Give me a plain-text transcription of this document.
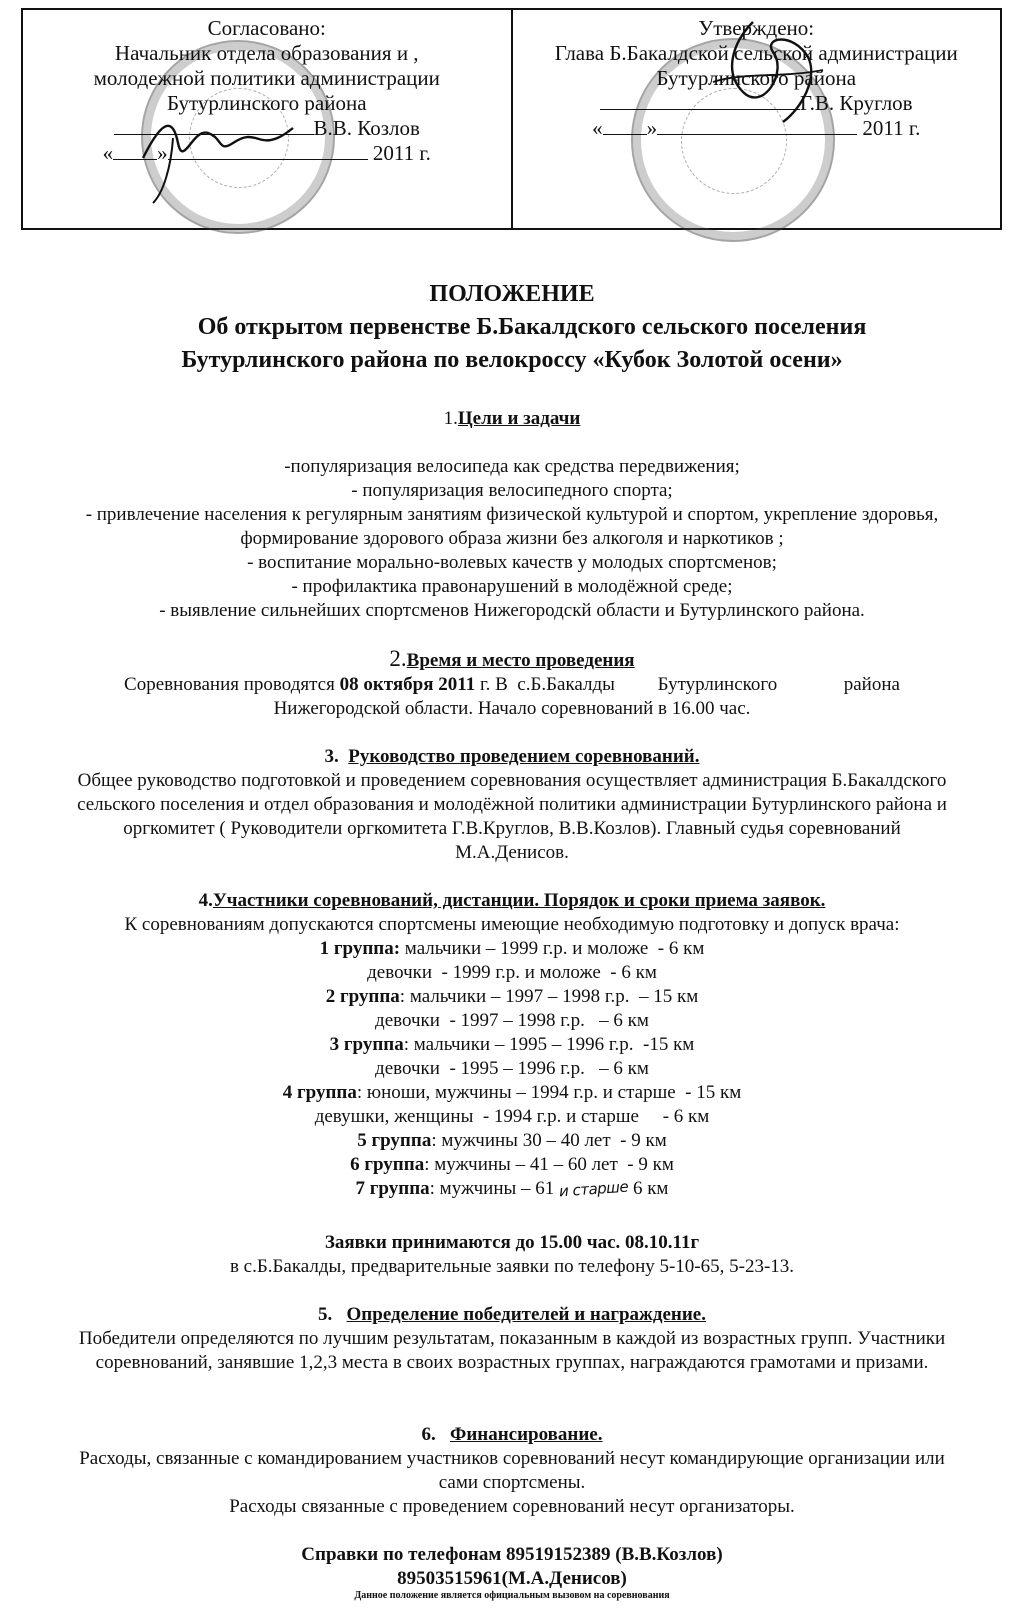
Согласовано:
Начальник отдела образования и ,
молодежной политики администрации
Бутурлинского района
В.В. Козлов
« »	2011 г.
Утверждено:
Глава Б.Бакалдской сельской администрации
Бутурлинского района
Г.В. Круглов
« »	2011 г.
ПОЛОЖЕНИЕ
Об открытом первенстве Б.Бакалдского сельского поселения
Бутурлинского района по велокроссу «Кубок Золотой осени»
1.Цели и задачи
-популяризация велосипеда как средства передвижения;
- популяризация велосипедного спорта;
- привлечение населения к регулярным занятиям физической культурой и спортом, укрепление здоровья,
формирование здорового образа жизни без алкоголя и наркотиков ;
- воспитание морально-волевых качеств у молодых спортсменов;
- профилактика правонарушений в молодёжной среде;
- выявление сильнейших спортсменов Нижегородскй области и Бутурлинского района.
2.Время и место проведения
Соревнования проводятся 08 октября 2011 г. В  с.Б.Бакалды         Бутурлинского              района
Нижегородской области. Начало соревнований в 16.00 час.
3.  Руководство проведением соревнований.
Общее руководство подготовкой и проведением соревнования осуществляет администрация Б.Бакалдского
сельского поселения и отдел образования и молодёжной политики администрации Бутурлинского района и
оргкомитет ( Руководители оргкомитета Г.В.Круглов, В.В.Козлов). Главный судья соревнований
М.А.Денисов.
4.Участники соревнований, дистанции. Порядок и сроки приема заявок.
К соревнованиям допускаются спортсмены имеющие необходимую подготовку и допуск врача:
1 группа: мальчики – 1999 г.р. и моложе  - 6 км
девочки  - 1999 г.р. и моложе  - 6 км
2 группа: мальчики – 1997 – 1998 г.р.  – 15 км
девочки  - 1997 – 1998 г.р.   – 6 км
3 группа: мальчики – 1995 – 1996 г.р.  -15 км
девочки  - 1995 – 1996 г.р.   – 6 км
4 группа: юноши, мужчины – 1994 г.р. и старше  - 15 км
девушки, женщины  - 1994 г.р. и старше     - 6 км
5 группа: мужчины 30 – 40 лет  - 9 км
6 группа: мужчины – 41 – 60 лет  - 9 км
7 группа: мужчины – 61 и старше 6 км
Заявки принимаются до 15.00 час. 08.10.11г
в с.Б.Бакалды, предварительные заявки по телефону 5-10-65, 5-23-13.
5.   Определение победителей и награждение.
Победители определяются по лучшим результатам, показанным в каждой из возрастных групп. Участники
соревнований, занявшие 1,2,3 места в своих возрастных группах, награждаются грамотами и призами.
6.   Финансирование.
Расходы, связанные с командированием участников соревнований несут командирующие организации или
сами спортсмены.
Расходы связанные с проведением соревнований несут организаторы.
Справки по телефонам 89519152389 (В.В.Козлов)
89503515961(М.А.Денисов)
Данное положение является официальным вызовом на соревнования
